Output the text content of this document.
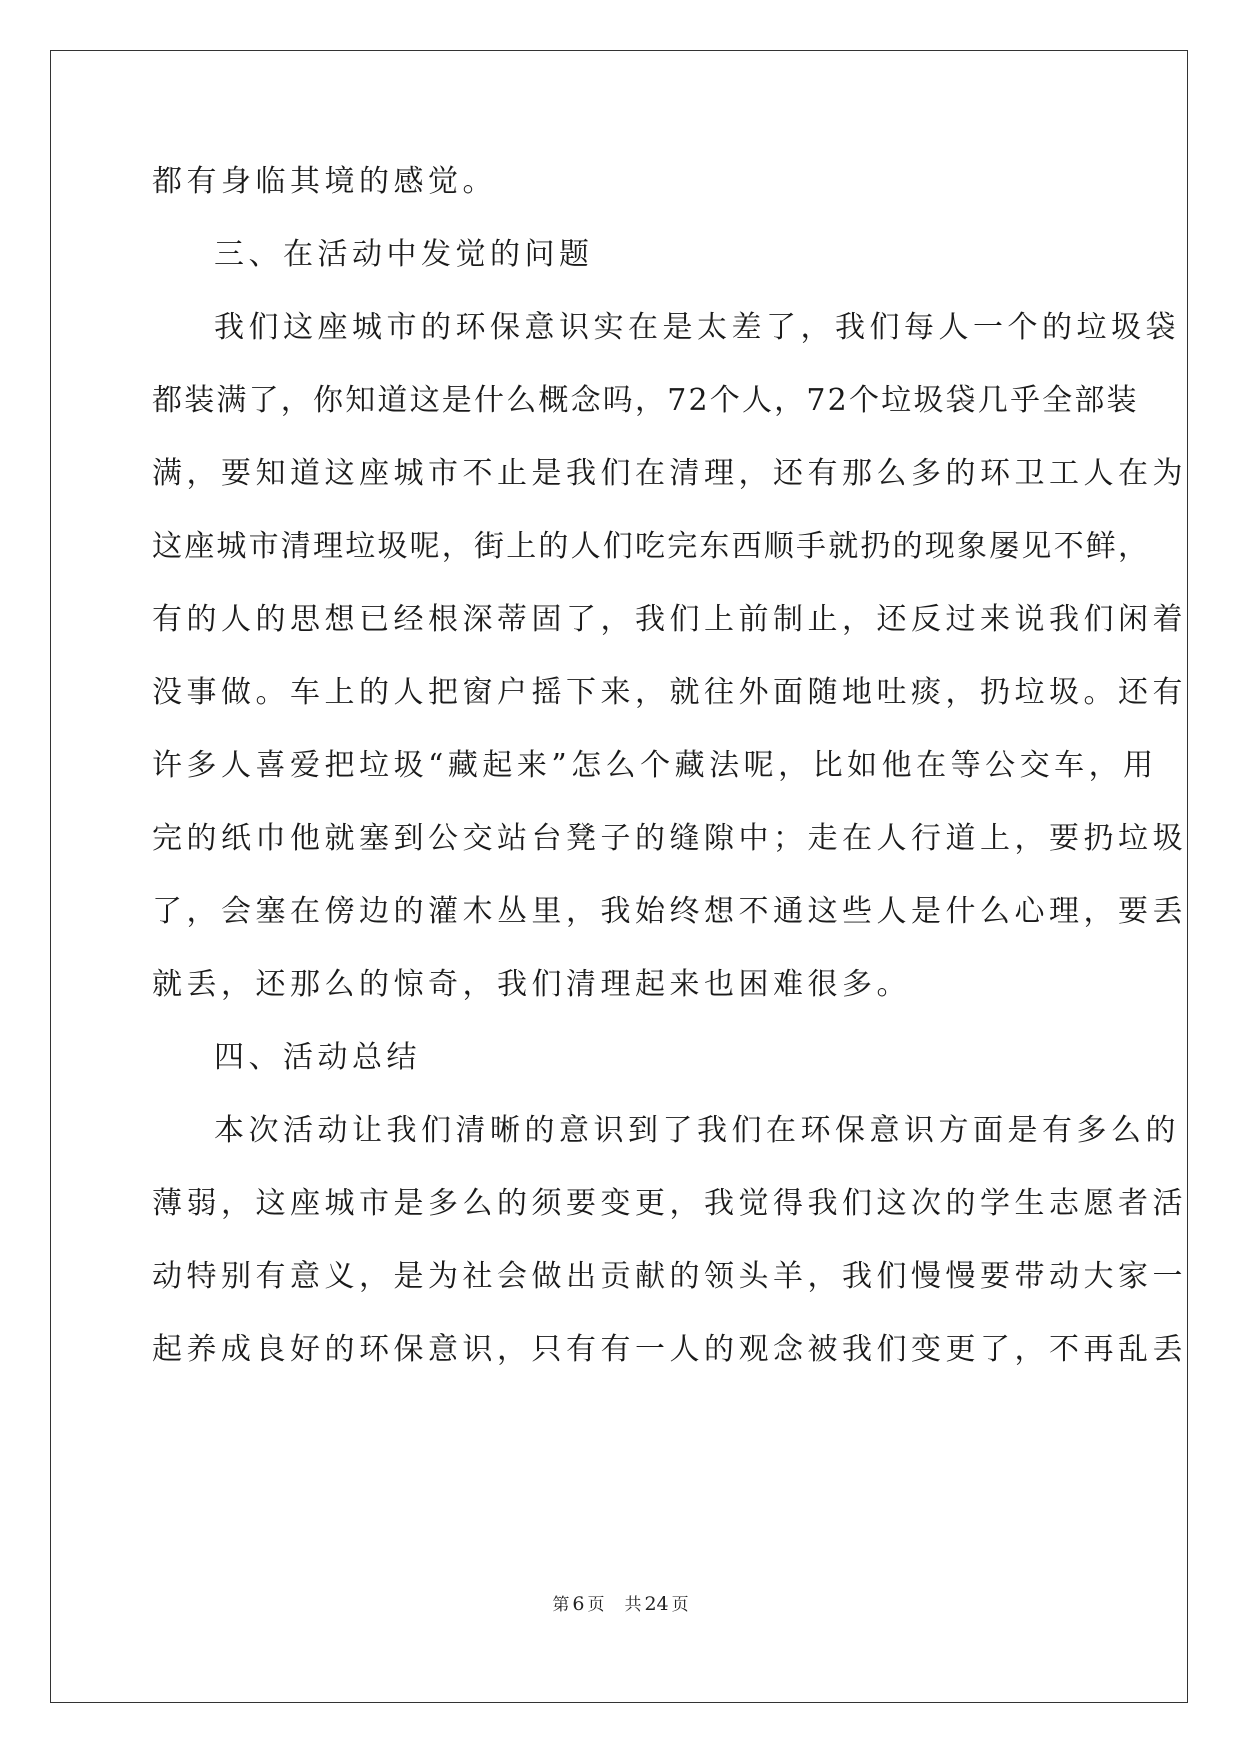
都有身临其境的感觉。
三、在活动中发觉的问题
我们这座城市的环保意识实在是太差了，我们每人一个的垃圾袋
都装满了，你知道这是什么概念吗，72个人，72个垃圾袋几乎全部装
满，要知道这座城市不止是我们在清理，还有那么多的环卫工人在为
这座城市清理垃圾呢，街上的人们吃完东西顺手就扔的现象屡见不鲜，
有的人的思想已经根深蒂固了，我们上前制止，还反过来说我们闲着
没事做。车上的人把窗户摇下来，就往外面随地吐痰，扔垃圾。还有
许多人喜爱把垃圾“藏起来”怎么个藏法呢，比如他在等公交车，用
完的纸巾他就塞到公交站台凳子的缝隙中；走在人行道上，要扔垃圾
了，会塞在傍边的灌木丛里，我始终想不通这些人是什么心理，要丢
就丢，还那么的惊奇，我们清理起来也困难很多。
四、活动总结
本次活动让我们清晰的意识到了我们在环保意识方面是有多么的
薄弱，这座城市是多么的须要变更，我觉得我们这次的学生志愿者活
动特别有意义，是为社会做出贡献的领头羊，我们慢慢要带动大家一
起养成良好的环保意识，只有有一人的观念被我们变更了，不再乱丢
第 6 页 共 24 页
